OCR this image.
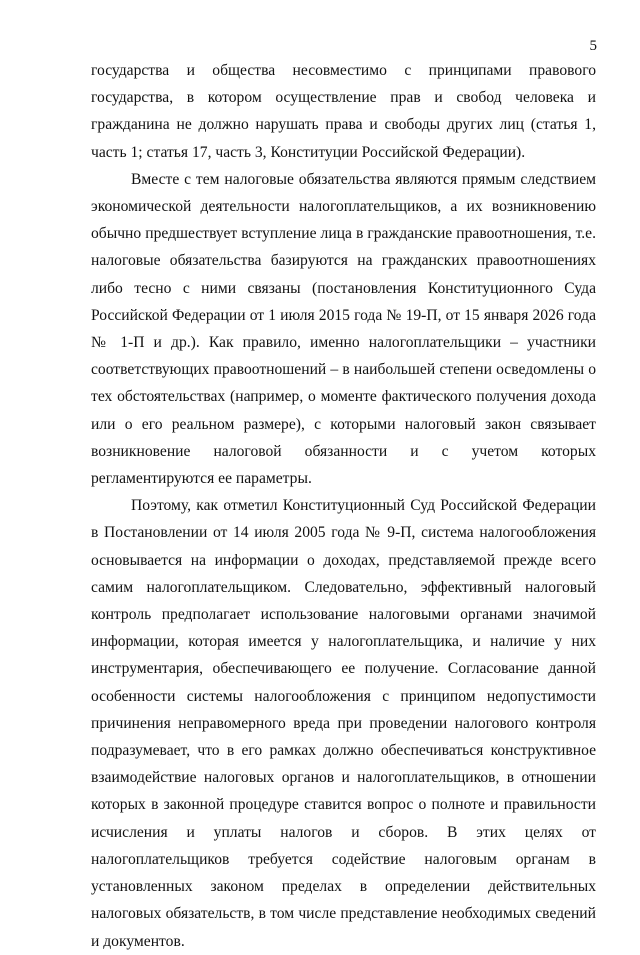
5

государства и общества несовместимо с принципами правового государства, в котором осуществление прав и свобод человека и гражданина не должно нарушать права и свободы других лиц (статья 1, часть 1; статья 17, часть 3, Конституции Российской Федерации).

Вместе с тем налоговые обязательства являются прямым следствием экономической деятельности налогоплательщиков, а их возникновению обычно предшествует вступление лица в гражданские правоотношения, т.е. налоговые обязательства базируются на гражданских правоотношениях либо тесно с ними связаны (постановления Конституционного Суда Российской Федерации от 1 июля 2015 года № 19-П, от 15 января 2026 года № 1-П и др.). Как правило, именно налогоплательщики – участники соответствующих правоотношений – в наибольшей степени осведомлены о тех обстоятельствах (например, о моменте фактического получения дохода или о его реальном размере), с которыми налоговый закон связывает возникновение налоговой обязанности и с учетом которых регламентируются ее параметры.

Поэтому, как отметил Конституционный Суд Российской Федерации в Постановлении от 14 июля 2005 года № 9-П, система налогообложения основывается на информации о доходах, представляемой прежде всего самим налогоплательщиком. Следовательно, эффективный налоговый контроль предполагает использование налоговыми органами значимой информации, которая имеется у налогоплательщика, и наличие у них инструментария, обеспечивающего ее получение. Согласование данной особенности системы налогообложения с принципом недопустимости причинения неправомерного вреда при проведении налогового контроля подразумевает, что в его рамках должно обеспечиваться конструктивное взаимодействие налоговых органов и налогоплательщиков, в отношении которых в законной процедуре ставится вопрос о полноте и правильности исчисления и уплаты налогов и сборов. В этих целях от налогоплательщиков требуется содействие налоговым органам в установленных законом пределах в определении действительных налоговых обязательств, в том числе представление необходимых сведений и документов.
